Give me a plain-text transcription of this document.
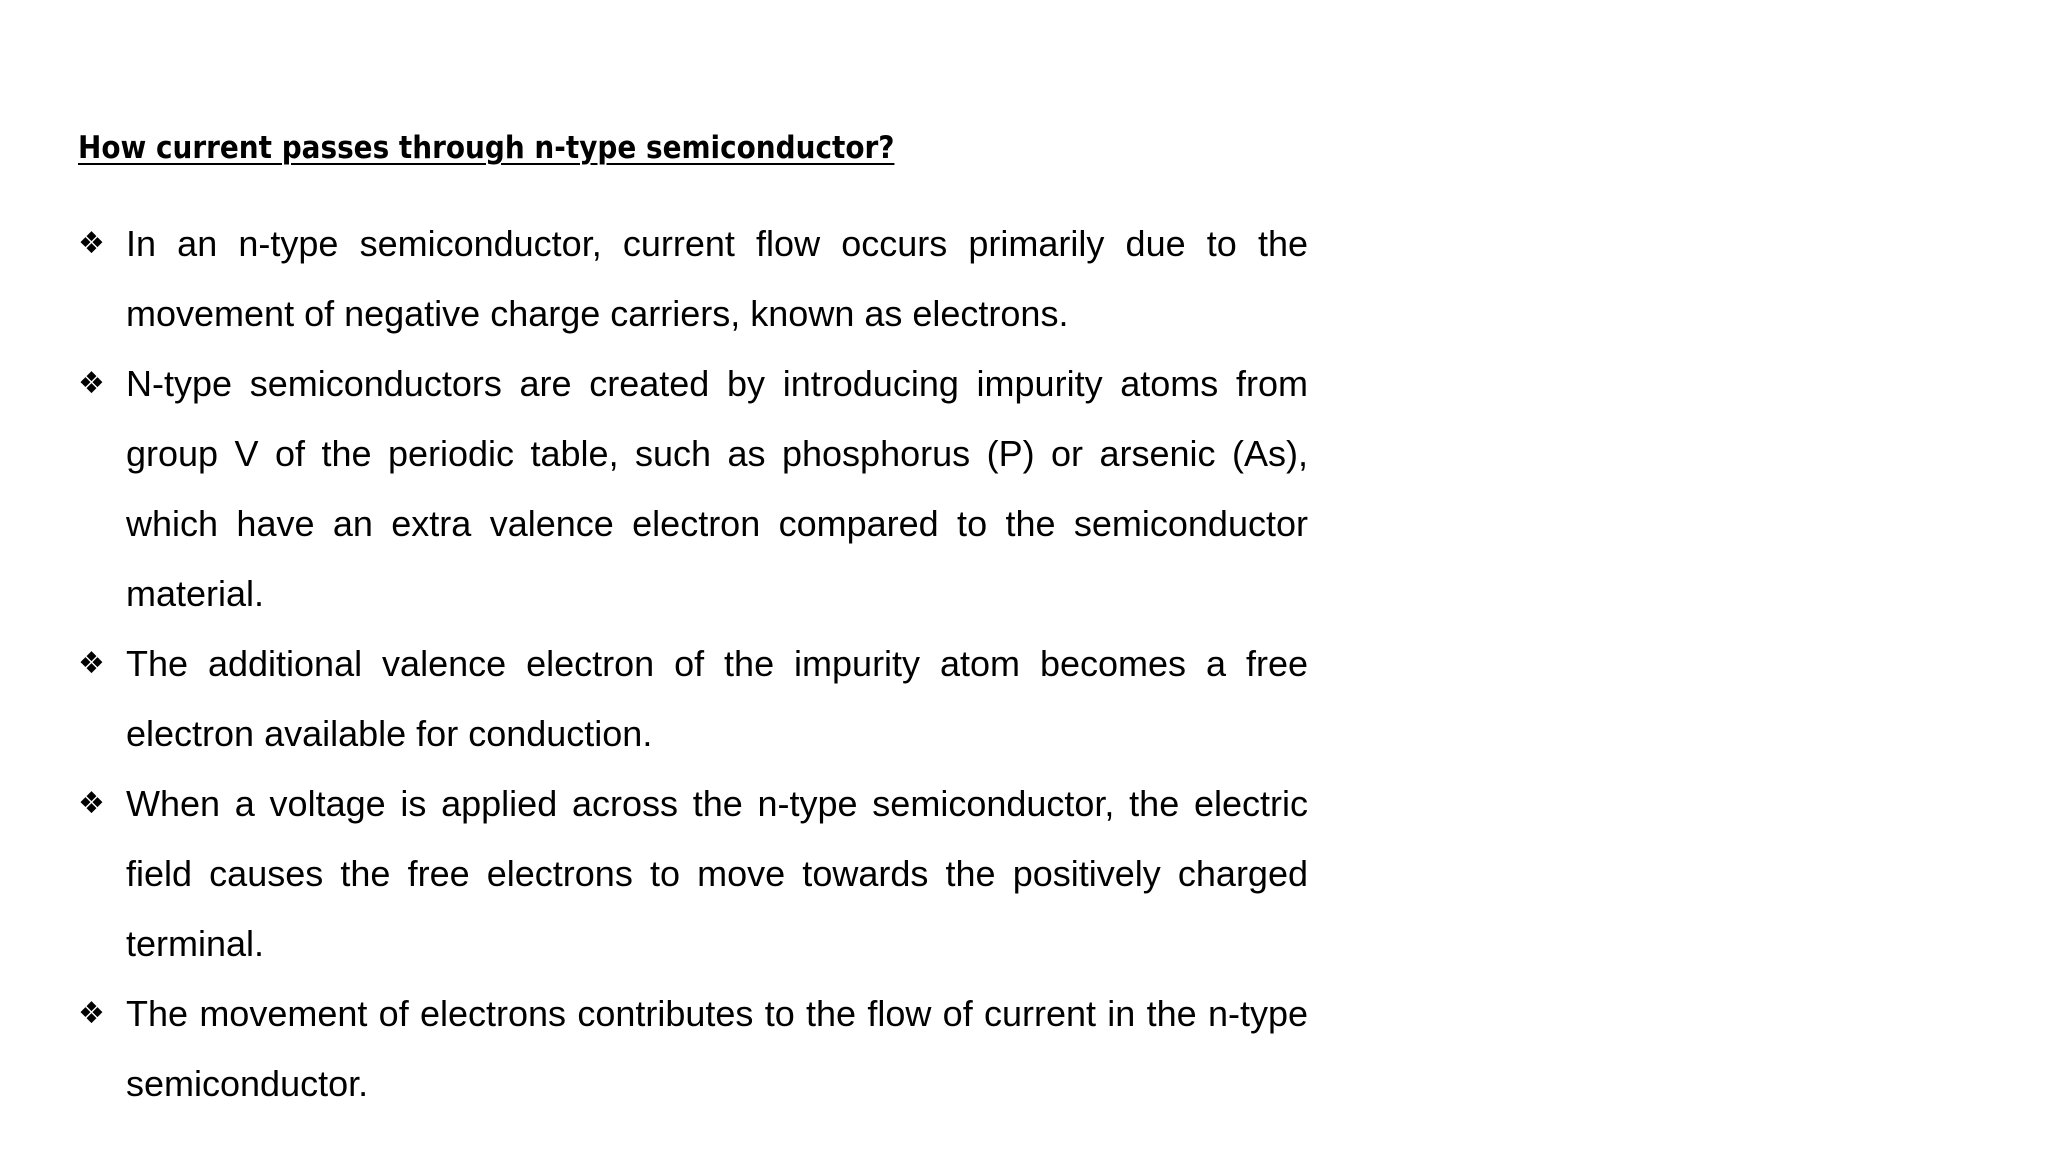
How current passes through n-type semiconductor?
❖ In an n-type semiconductor, current flow occurs primarily due to the movement of negative charge carriers, known as electrons.
❖ N-type semiconductors are created by introducing impurity atoms from group V of the periodic table, such as phosphorus (P) or arsenic (As), which have an extra valence electron compared to the semiconductor material.
❖ The additional valence electron of the impurity atom becomes a free electron available for conduction.
❖ When a voltage is applied across the n-type semiconductor, the electric field causes the free electrons to move towards the positively charged terminal.
❖ The movement of electrons contributes to the flow of current in the n-type semiconductor.
